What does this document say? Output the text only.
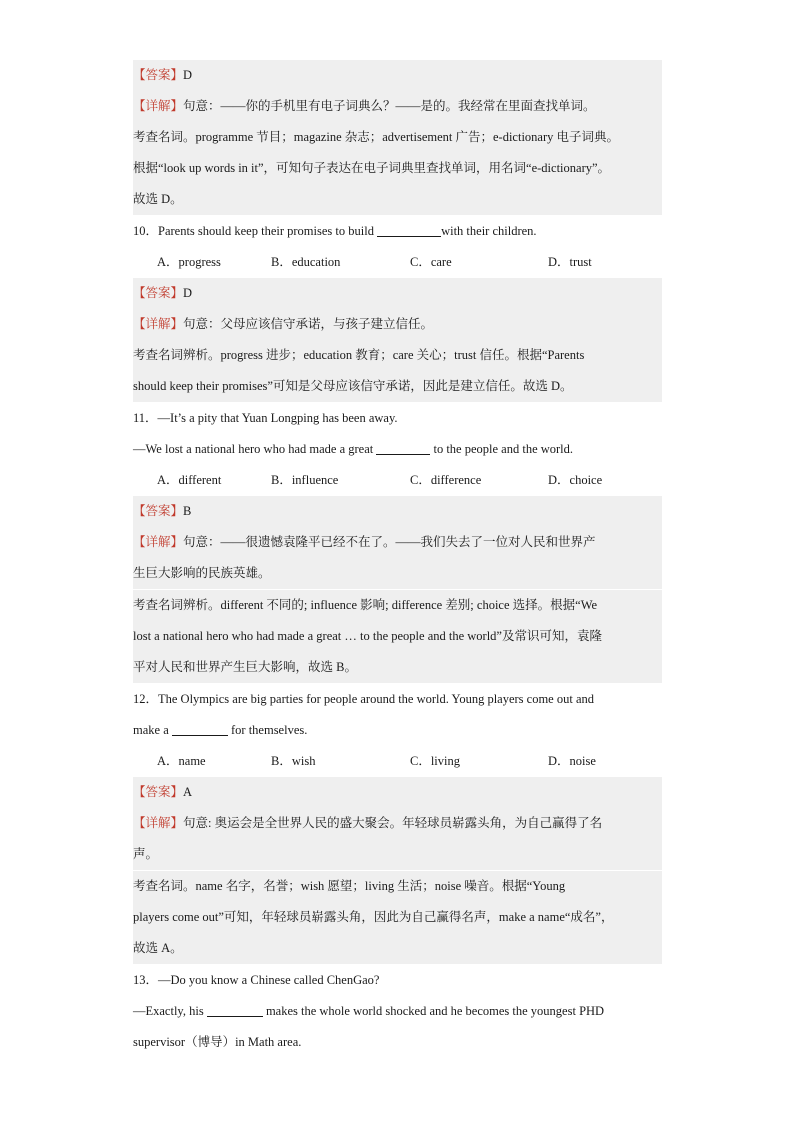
【答案】D
【详解】句意：——你的手机里有电子词典么？——是的。我经常在里面查找单词。
考查名词。programme 节目；magazine 杂志；advertisement 广告；e-dictionary 电子词典。
根据“look up words in it”，可知句子表达在电子词典里查找单词，用名词“e-dictionary”。
故选 D。
10．Parents should keep their promises to build	with their children.
A．progress	B．education	C．care	D．trust
【答案】D
【详解】句意：父母应该信守承诺，与孩子建立信任。
考查名词辨析。progress 进步；education 教育；care 关心；trust 信任。根据“Parents
should keep their promises”可知是父母应该信守承诺，因此是建立信任。故选 D。
11．—It’s a pity that Yuan Longping has been away.
—We lost a national hero who had made a great	to the people and the world.
A．different	B．influence	C．difference	D．choice
【答案】B
【详解】句意：——很遗憾袁隆平已经不在了。——我们失去了一位对人民和世界产
生巨大影响的民族英雄。
考查名词辨析。different 不同的; influence 影响; difference 差别; choice 选择。根据“We
lost a national hero who had made a great … to the people and the world”及常识可知，袁隆
平对人民和世界产生巨大影响，故选 B。
12．The Olympics are big parties for people around the world. Young players come out and
make a	for themselves.
A．name	B．wish	C．living	D．noise
【答案】A
【详解】句意: 奥运会是全世界人民的盛大聚会。年轻球员崭露头角，为自己赢得了名
声。
考查名词。name 名字，名誉；wish 愿望；living 生活；noise 噪音。根据“Young
players come out”可知，年轻球员崭露头角，因此为自己赢得名声，make a name“成名”，
故选 A。
13．—Do you know a Chinese called ChenGao?
—Exactly, his	makes the whole world shocked and he becomes the youngest PHD
supervisor（博导）in Math area.
